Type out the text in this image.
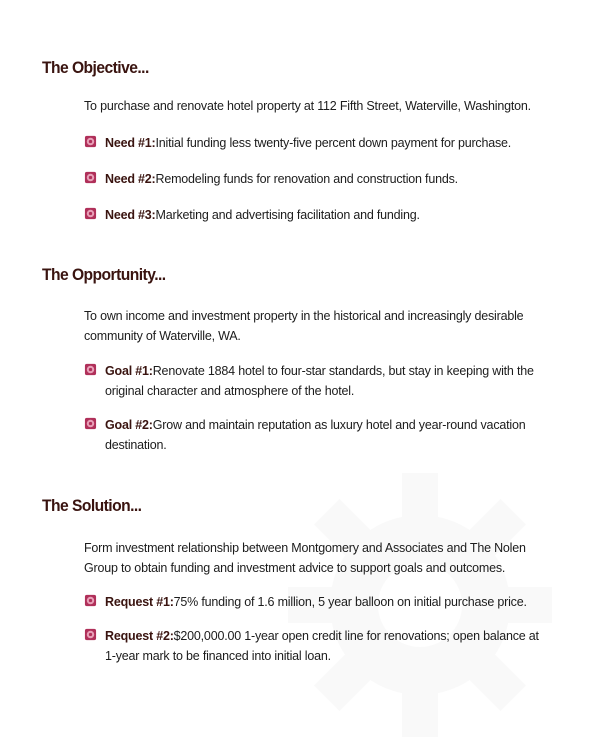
The Objective...

To purchase and renovate hotel property at 112 Fifth Street, Waterville, Washington.

Need #1:Initial funding less twenty-five percent down payment for purchase.

Need #2:Remodeling funds for renovation and construction funds.

Need #3:Marketing and advertising facilitation and funding.

The Opportunity...

To own income and investment property in the historical and increasingly desirable community of Waterville, WA.

Goal #1:Renovate 1884 hotel to four-star standards, but stay in keeping with the original character and atmosphere of the hotel.

Goal #2:Grow and maintain reputation as luxury hotel and year-round vacation destination.

The Solution...

Form investment relationship between Montgomery and Associates and The Nolen Group to obtain funding and investment advice to support goals and outcomes.

Request #1:75% funding of 1.6 million, 5 year balloon on initial purchase price.

Request #2:$200,000.00 1-year open credit line for renovations; open balance at 1-year mark to be financed into initial loan.
